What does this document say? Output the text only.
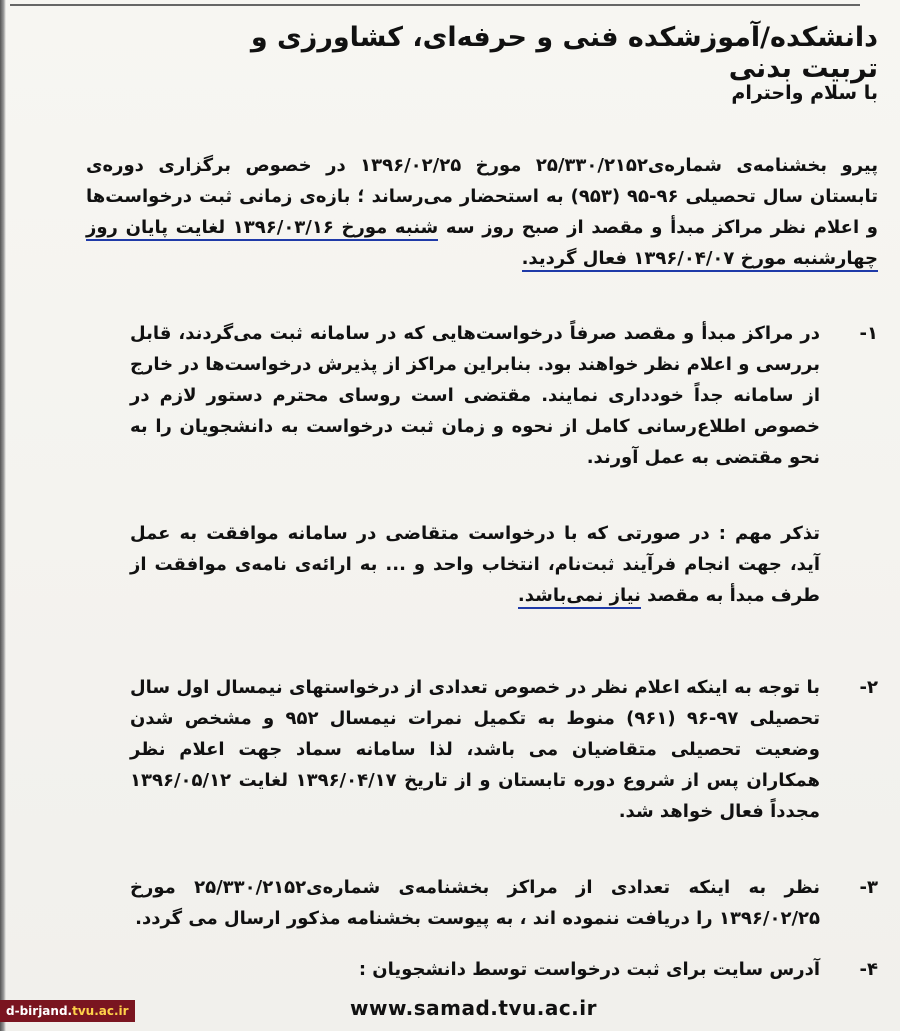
دانشکده/آموزشکده فنی و حرفه‌ای، کشاورزی و تربیت بدنی
با سلام واحترام
پیرو بخشنامه‌ی شماره‌ی۲۵/۳۳۰/۲۱۵۲ مورخ ۱۳۹۶/۰۲/۲۵ در خصوص برگزاری دوره‌ی تابستان سال تحصیلی ۹۶-۹۵ (۹۵۳) به استحضار می‌رساند ؛ بازه‌ی زمانی ثبت درخواست‌ها و اعلام نظر مراکز مبدأ و مقصد از صبح روز سه شنبه مورخ ۱۳۹۶/۰۳/۱۶ لغایت پایان روز چهارشنبه مورخ ۱۳۹۶/۰۴/۰۷ فعال گردید.
۱-
در مراکز مبدأ و مقصد صرفاً درخواست‌هایی که در سامانه ثبت می‌گردند، قابل بررسی و اعلام نظر خواهند بود. بنابراین مراکز از پذیرش درخواست‌ها در خارج از سامانه جداً خودداری نمایند. مقتضی است روسای محترم دستور لازم در خصوص اطلاع‌رسانی کامل از نحوه و زمان ثبت درخواست به دانشجویان را به نحو مقتضی به عمل آورند.
تذکر مهم : در صورتی که با درخواست متقاضی در سامانه موافقت به عمل آید، جهت انجام فرآیند ثبت‌نام، انتخاب واحد و ... به ارائه‌ی نامه‌ی موافقت از طرف مبدأ به مقصد نیاز نمی‌باشد.
۲-
با توجه به اینکه اعلام نظر در خصوص تعدادی از درخواستهای نیمسال اول سال تحصیلی ۹۷-۹۶ (۹۶۱) منوط به تکمیل نمرات نیمسال ۹۵۲ و مشخص شدن وضعیت تحصیلی متقاضیان می باشد، لذا سامانه سماد جهت اعلام نظر همکاران پس از شروع دوره تابستان و از تاریخ ۱۳۹۶/۰۴/۱۷ لغایت ۱۳۹۶/۰۵/۱۲ مجدداً فعال خواهد شد.
۳-
نظر به اینکه تعدادی از مراکز بخشنامه‌ی شماره‌ی۲۵/۳۳۰/۲۱۵۲ مورخ ۱۳۹۶/۰۲/۲۵ را دریافت ننموده اند ، به پیوست بخشنامه مذکور ارسال می گردد.
۴-
آدرس سایت برای ثبت درخواست توسط دانشجویان :
www.samad.tvu.ac.ir
d-birjand. tvu.ac.ir
